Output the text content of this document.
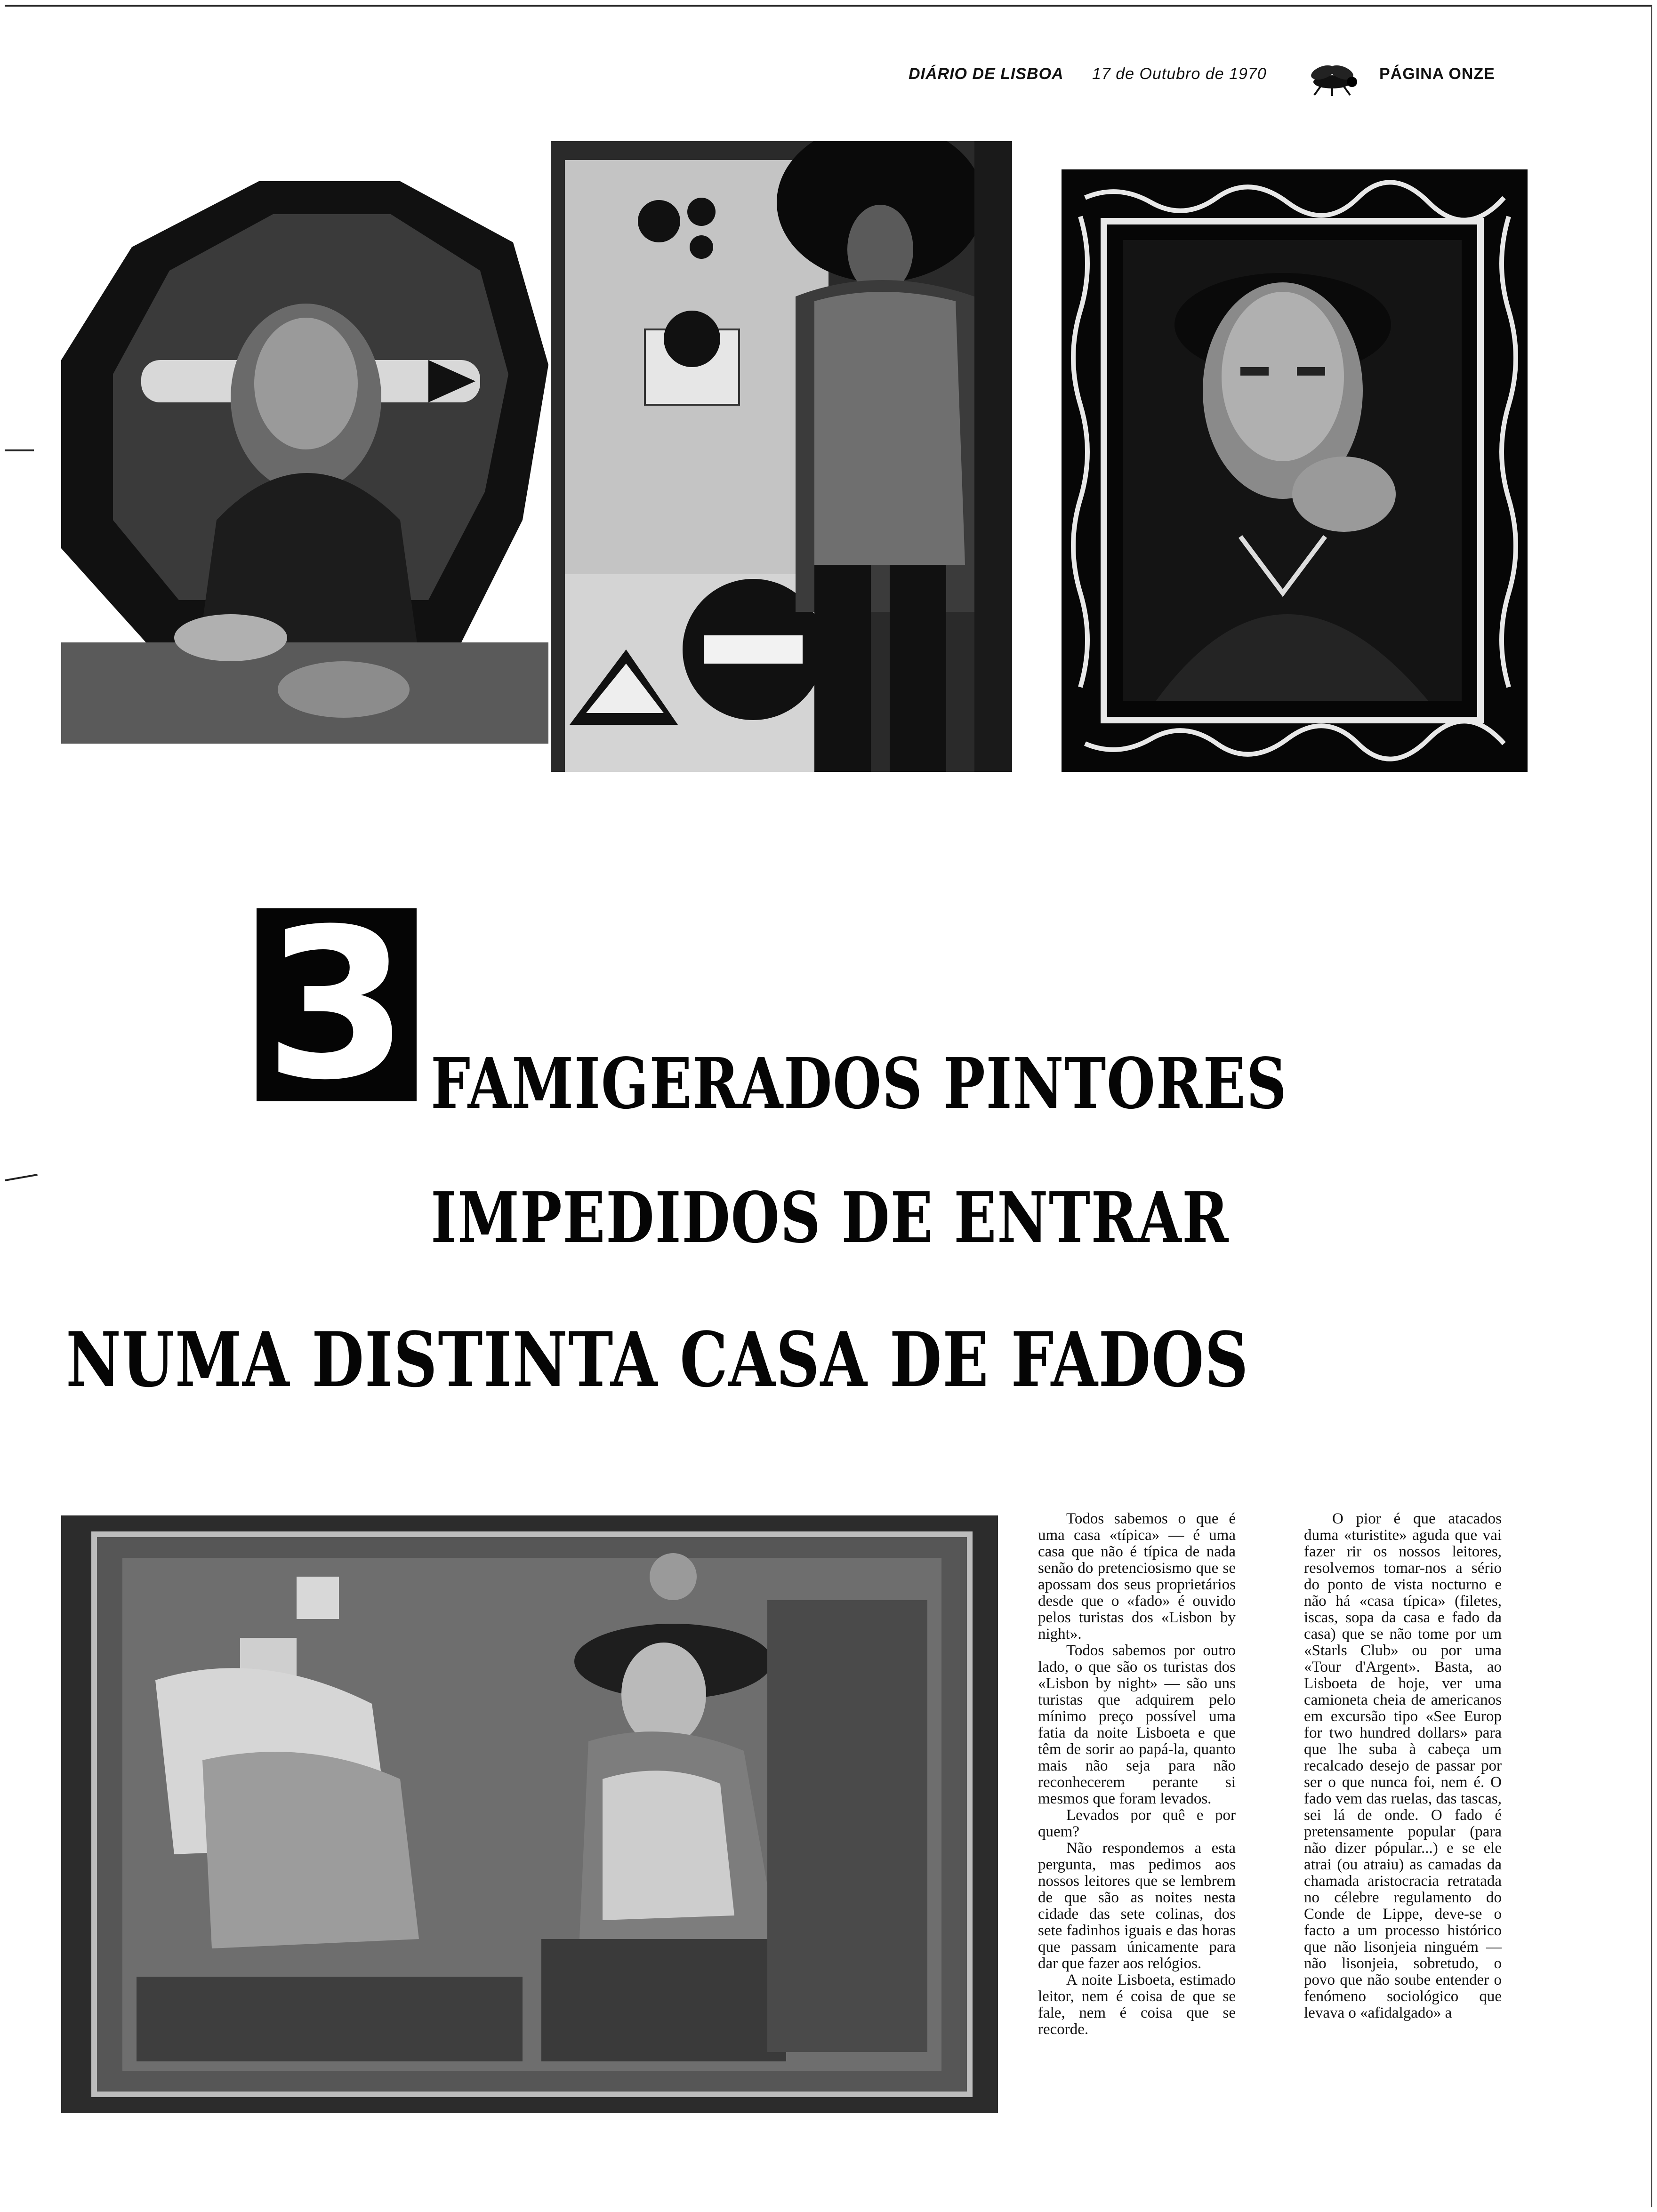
DIÁRIO DE LISBOA 17 de Outubro de 1970	PÁGINA ONZE
3 FAMIGERADOS PINTORES
IMPEDIDOS DE ENTRAR
NUMA DISTINTA CASA DE FADOS

Todos sabemos o que é uma casa «típica» — é uma casa que não é típica de nada senão do pretenciosismo que se apossam dos seus proprietários desde que o «fado» é ouvido pelos turistas dos «Lisbon by night».

Todos sabemos por outro lado, o que são os turistas dos «Lisbon by night» — são uns turistas que adquirem pelo mínimo preço possível uma fatia da noite Lisboeta e que têm de sorir ao papá-la, quanto mais não seja para não reconhecerem perante si mesmos que foram levados.

Levados por quê e por quem?

Não respondemos a esta pergunta, mas pedimos aos nossos leitores que se lembrem de que são as noites nesta cidade das sete colinas, dos sete fadinhos iguais e das horas que passam únicamente para dar que fazer aos relógios.

A noite Lisboeta, estimado leitor, nem é coisa de que se fale, nem é coisa que se recorde.

O pior é que atacados duma «turistite» aguda que vai fazer rir os nossos leitores, resolvemos tomar-nos a sério do ponto de vista nocturno e não há «casa típica» (filetes, iscas, sopa da casa e fado da casa) que se não tome por um «Starls Club» ou por uma «Tour d'Argent». Basta, ao Lisboeta de hoje, ver uma camioneta cheia de americanos em excursão tipo «See Europ for two hundred dollars» para que lhe suba à cabeça um recalcado desejo de passar por ser o que nunca foi, nem é. O fado vem das ruelas, das tascas, sei lá de onde. O fado é pretensamente popular (para não dizer pópular...) e se ele atrai (ou atraiu) as camadas da chamada aristocracia retratada no célebre regulamento do Conde de Lippe, deve-se o facto a um processo histórico que não lisonjeia ninguém — não lisonjeia, sobretudo, o povo que não soube entender o fenómeno sociológico que levava o «afidalgado» a
